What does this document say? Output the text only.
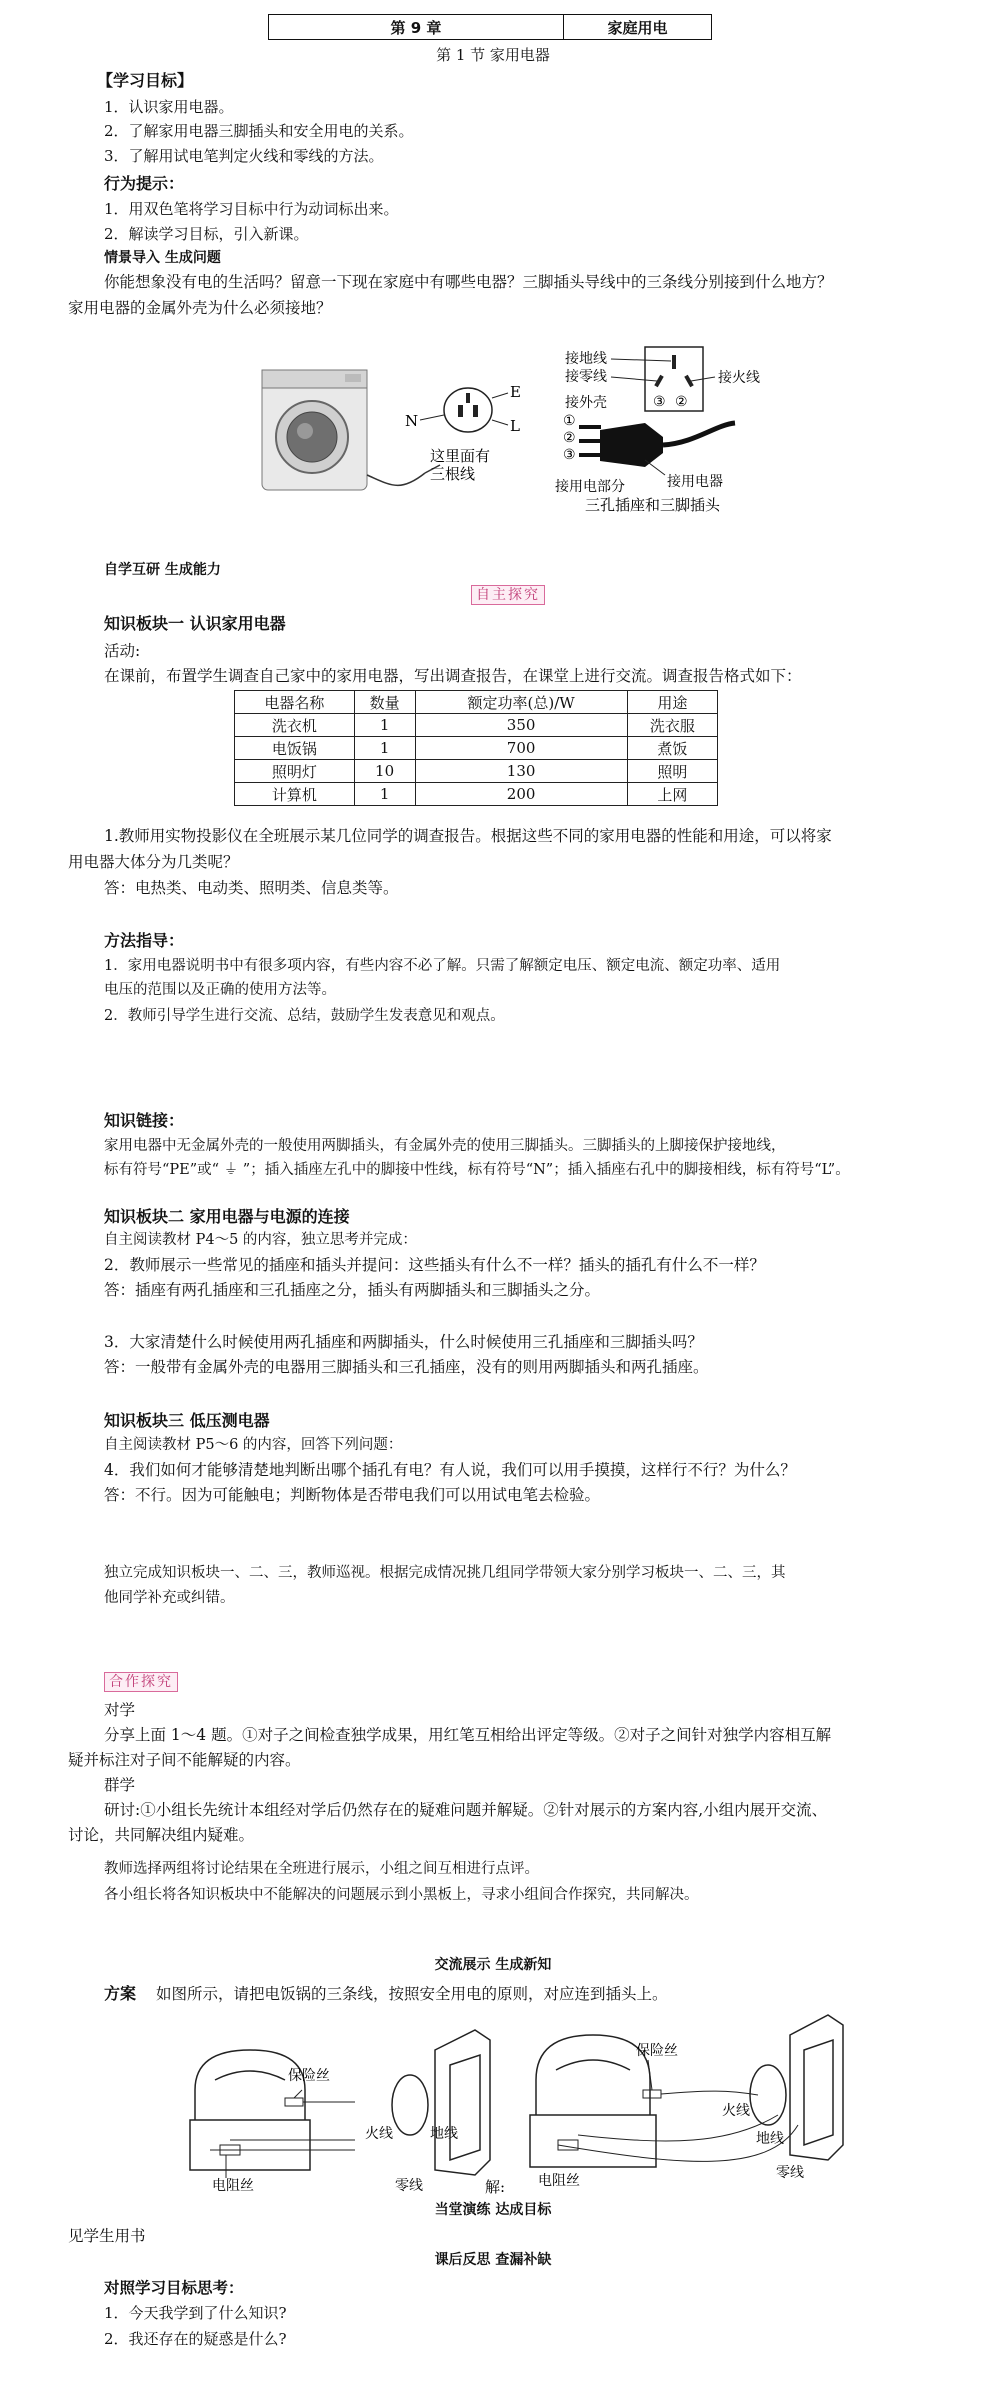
第 9 章	家庭用电
第 1 节 家用电器
【学习目标】
1．认识家用电器。
2．了解家用电器三脚插头和安全用电的关系。
3．了解用试电笔判定火线和零线的方法。
行为提示：
1．用双色笔将学习目标中行为动词标出来。
2．解读学习目标，引入新课。
情景导入 生成问题
你能想象没有电的生活吗？留意一下现在家庭中有哪些电器？三脚插头导线中的三条线分别接到什么地方？
家用电器的金属外壳为什么必须接地？
E
L
N
这里面有
三根线
接地线
接零线	接火线
③ ②
接外壳
①
②
③
接用电器
接用电部分
三孔插座和三脚插头
自学互研 生成能力
自主探究
知识板块一 认识家用电器
活动:
在课前，布置学生调查自己家中的家用电器，写出调查报告，在课堂上进行交流。调查报告格式如下：
电器名称	数量	额定功率(总)/W	用途
洗衣机	1	350	洗衣服
电饭锅	1	700	煮饭
照明灯	10	130	照明
计算机	1	200	上网
1.教师用实物投影仪在全班展示某几位同学的调查报告。根据这些不同的家用电器的性能和用途，可以将家
用电器大体分为几类呢？
答：电热类、电动类、照明类、信息类等。
方法指导：
1．家用电器说明书中有很多项内容，有些内容不必了解。只需了解额定电压、额定电流、额定功率、适用
电压的范围以及正确的使用方法等。
2．教师引导学生进行交流、总结，鼓励学生发表意见和观点。
知识链接：
家用电器中无金属外壳的一般使用两脚插头，有金属外壳的使用三脚插头。三脚插头的上脚接保护接地线，
标有符号“PE”或“ ⏚ ”；插入插座左孔中的脚接中性线，标有符号“N”；插入插座右孔中的脚接相线，标有符号“L”。
知识板块二 家用电器与电源的连接
自主阅读教材 P4～5 的内容，独立思考并完成：
2．教师展示一些常见的插座和插头并提问：这些插头有什么不一样？插头的插孔有什么不一样？
答：插座有两孔插座和三孔插座之分，插头有两脚插头和三脚插头之分。
3．大家清楚什么时候使用两孔插座和两脚插头，什么时候使用三孔插座和三脚插头吗？
答：一般带有金属外壳的电器用三脚插头和三孔插座，没有的则用两脚插头和两孔插座。
知识板块三 低压测电器
自主阅读教材 P5～6 的内容，回答下列问题：
4．我们如何才能够清楚地判断出哪个插孔有电？有人说，我们可以用手摸摸，这样行不行？为什么？
答：不行。因为可能触电；判断物体是否带电我们可以用试电笔去检验。
独立完成知识板块一、二、三，教师巡视。根据完成情况挑几组同学带领大家分别学习板块一、二、三，其
他同学补充或纠错。
合作探究
对学
分享上面 1～4 题。①对子之间检查独学成果，用红笔互相给出评定等级。②对子之间针对独学内容相互解
疑并标注对子间不能解疑的内容。
群学
研讨:①小组长先统计本组经对学后仍然存在的疑难问题并解疑。②针对展示的方案内容,小组内展开交流、
讨论，共同解决组内疑难。
教师选择两组将讨论结果在全班进行展示，小组之间互相进行点评。
各小组长将各知识板块中不能解决的问题展示到小黑板上，寻求小组间合作探究，共同解决。
交流展示 生成新知
方案 如图所示，请把电饭锅的三条线，按照安全用电的原则，对应连到插头上。
保险丝
电阻丝
火线
零线
地线
解:
保险丝
电阻丝
火线
地线
零线
当堂演练 达成目标
见学生用书
课后反思 查漏补缺
对照学习目标思考：
1．今天我学到了什么知识?
2．我还存在的疑惑是什么?
